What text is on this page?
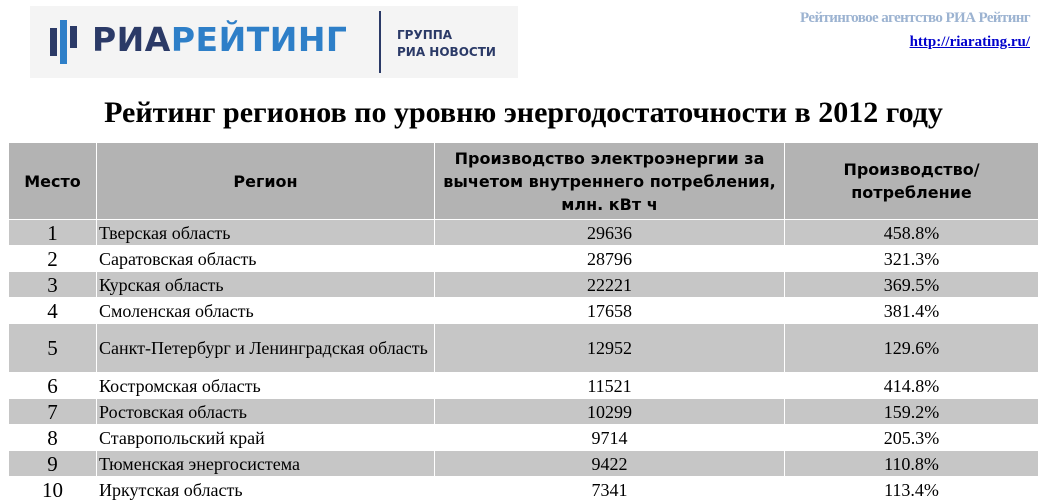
РИАРЕЙТИНГ	ГРУППА
РИА НОВОСТИ
Рейтинговое агентство РИА Рейтинг
http://riarating.ru/
Рейтинг регионов по уровню энергодостаточности в 2012 году
Место	Регион	Производство электроэнергии за вычетом внутреннего потребления, млн. кВт ч	Производство/ потребление
1	Тверская область	29636	458.8%
2	Саратовская область	28796	321.3%
3	Курская область	22221	369.5%
4	Смоленская область	17658	381.4%
5	Санкт-Петербург и Ленинградская область	12952	129.6%
6	Костромская область	11521	414.8%
7	Ростовская область	10299	159.2%
8	Ставропольский край	9714	205.3%
9	Тюменская энергосистема	9422	110.8%
10	Иркутская область	7341	113.4%
